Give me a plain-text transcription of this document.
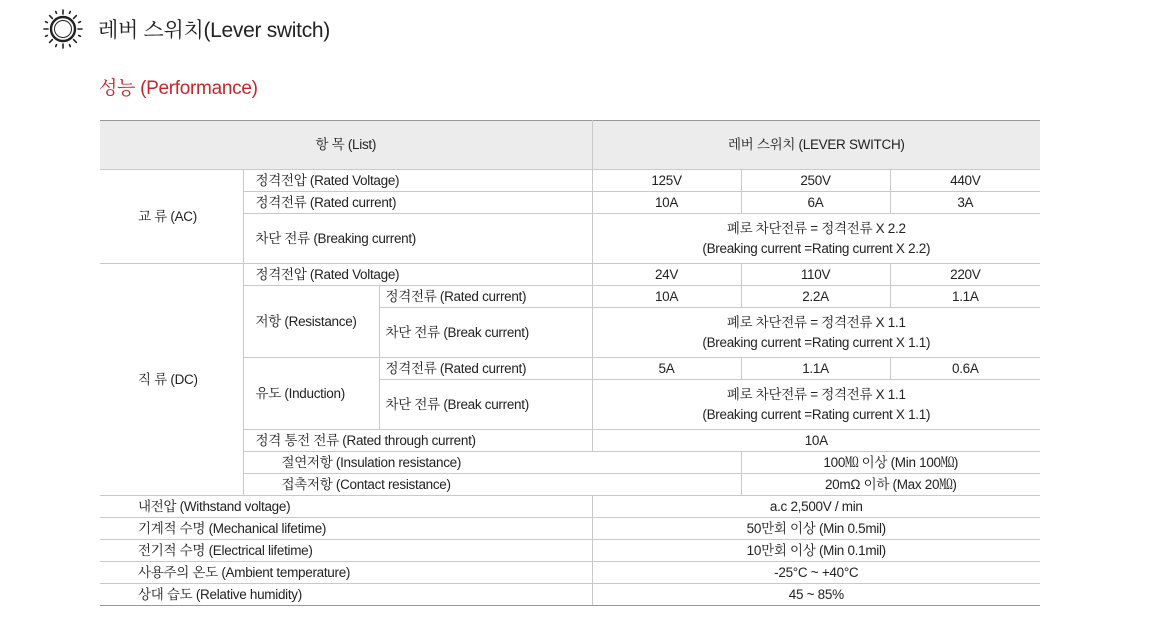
레버 스위치(Lever switch)
성능 (Performance)
항 목 (List)			레버 스위치 (LEVER SWITCH)		
교 류 (AC)	정격전압 (Rated Voltage)		125V	250V	440V
	정격전류 (Rated current)		10A	6A	3A
	차단 전류 (Breaking current)		폐로 차단전류 = 정격전류 X 2.2
(Breaking current =Rating current X 2.2)		

직 류 (DC)	정격전압 (Rated Voltage)		24V	110V	220V
	저항 (Resistance)	정격전류 (Rated current)	10A	2.2A	1.1A
		차단 전류 (Break current)	폐로 차단전류 = 정격전류 X 1.1
(Breaking current =Rating current X 1.1)		

	유도 (Induction)	정격전류 (Rated current)	5A	1.1A	0.6A
		차단 전류 (Break current)	폐로 차단전류 = 정격전류 X 1.1
(Breaking current =Rating current X 1.1)		

	정격 통전 전류 (Rated through current)		10A		
	절연저항 (Insulation resistance)			100㏁ 이상 (Min 100㏁)	
	접촉저항 (Contact resistance)			20mΩ 이하 (Max 20㏁)	
내전압 (Withstand voltage)			a.c 2,500V / min		
기계적 수명 (Mechanical lifetime)			50만회 이상 (Min 0.5mil)		
전기적 수명 (Electrical lifetime)			10만회 이상 (Min 0.1mil)		
사용주의 온도 (Ambient temperature)			-25°C ~ +40°C		
상대 습도 (Relative humidity)			45 ~ 85%		
